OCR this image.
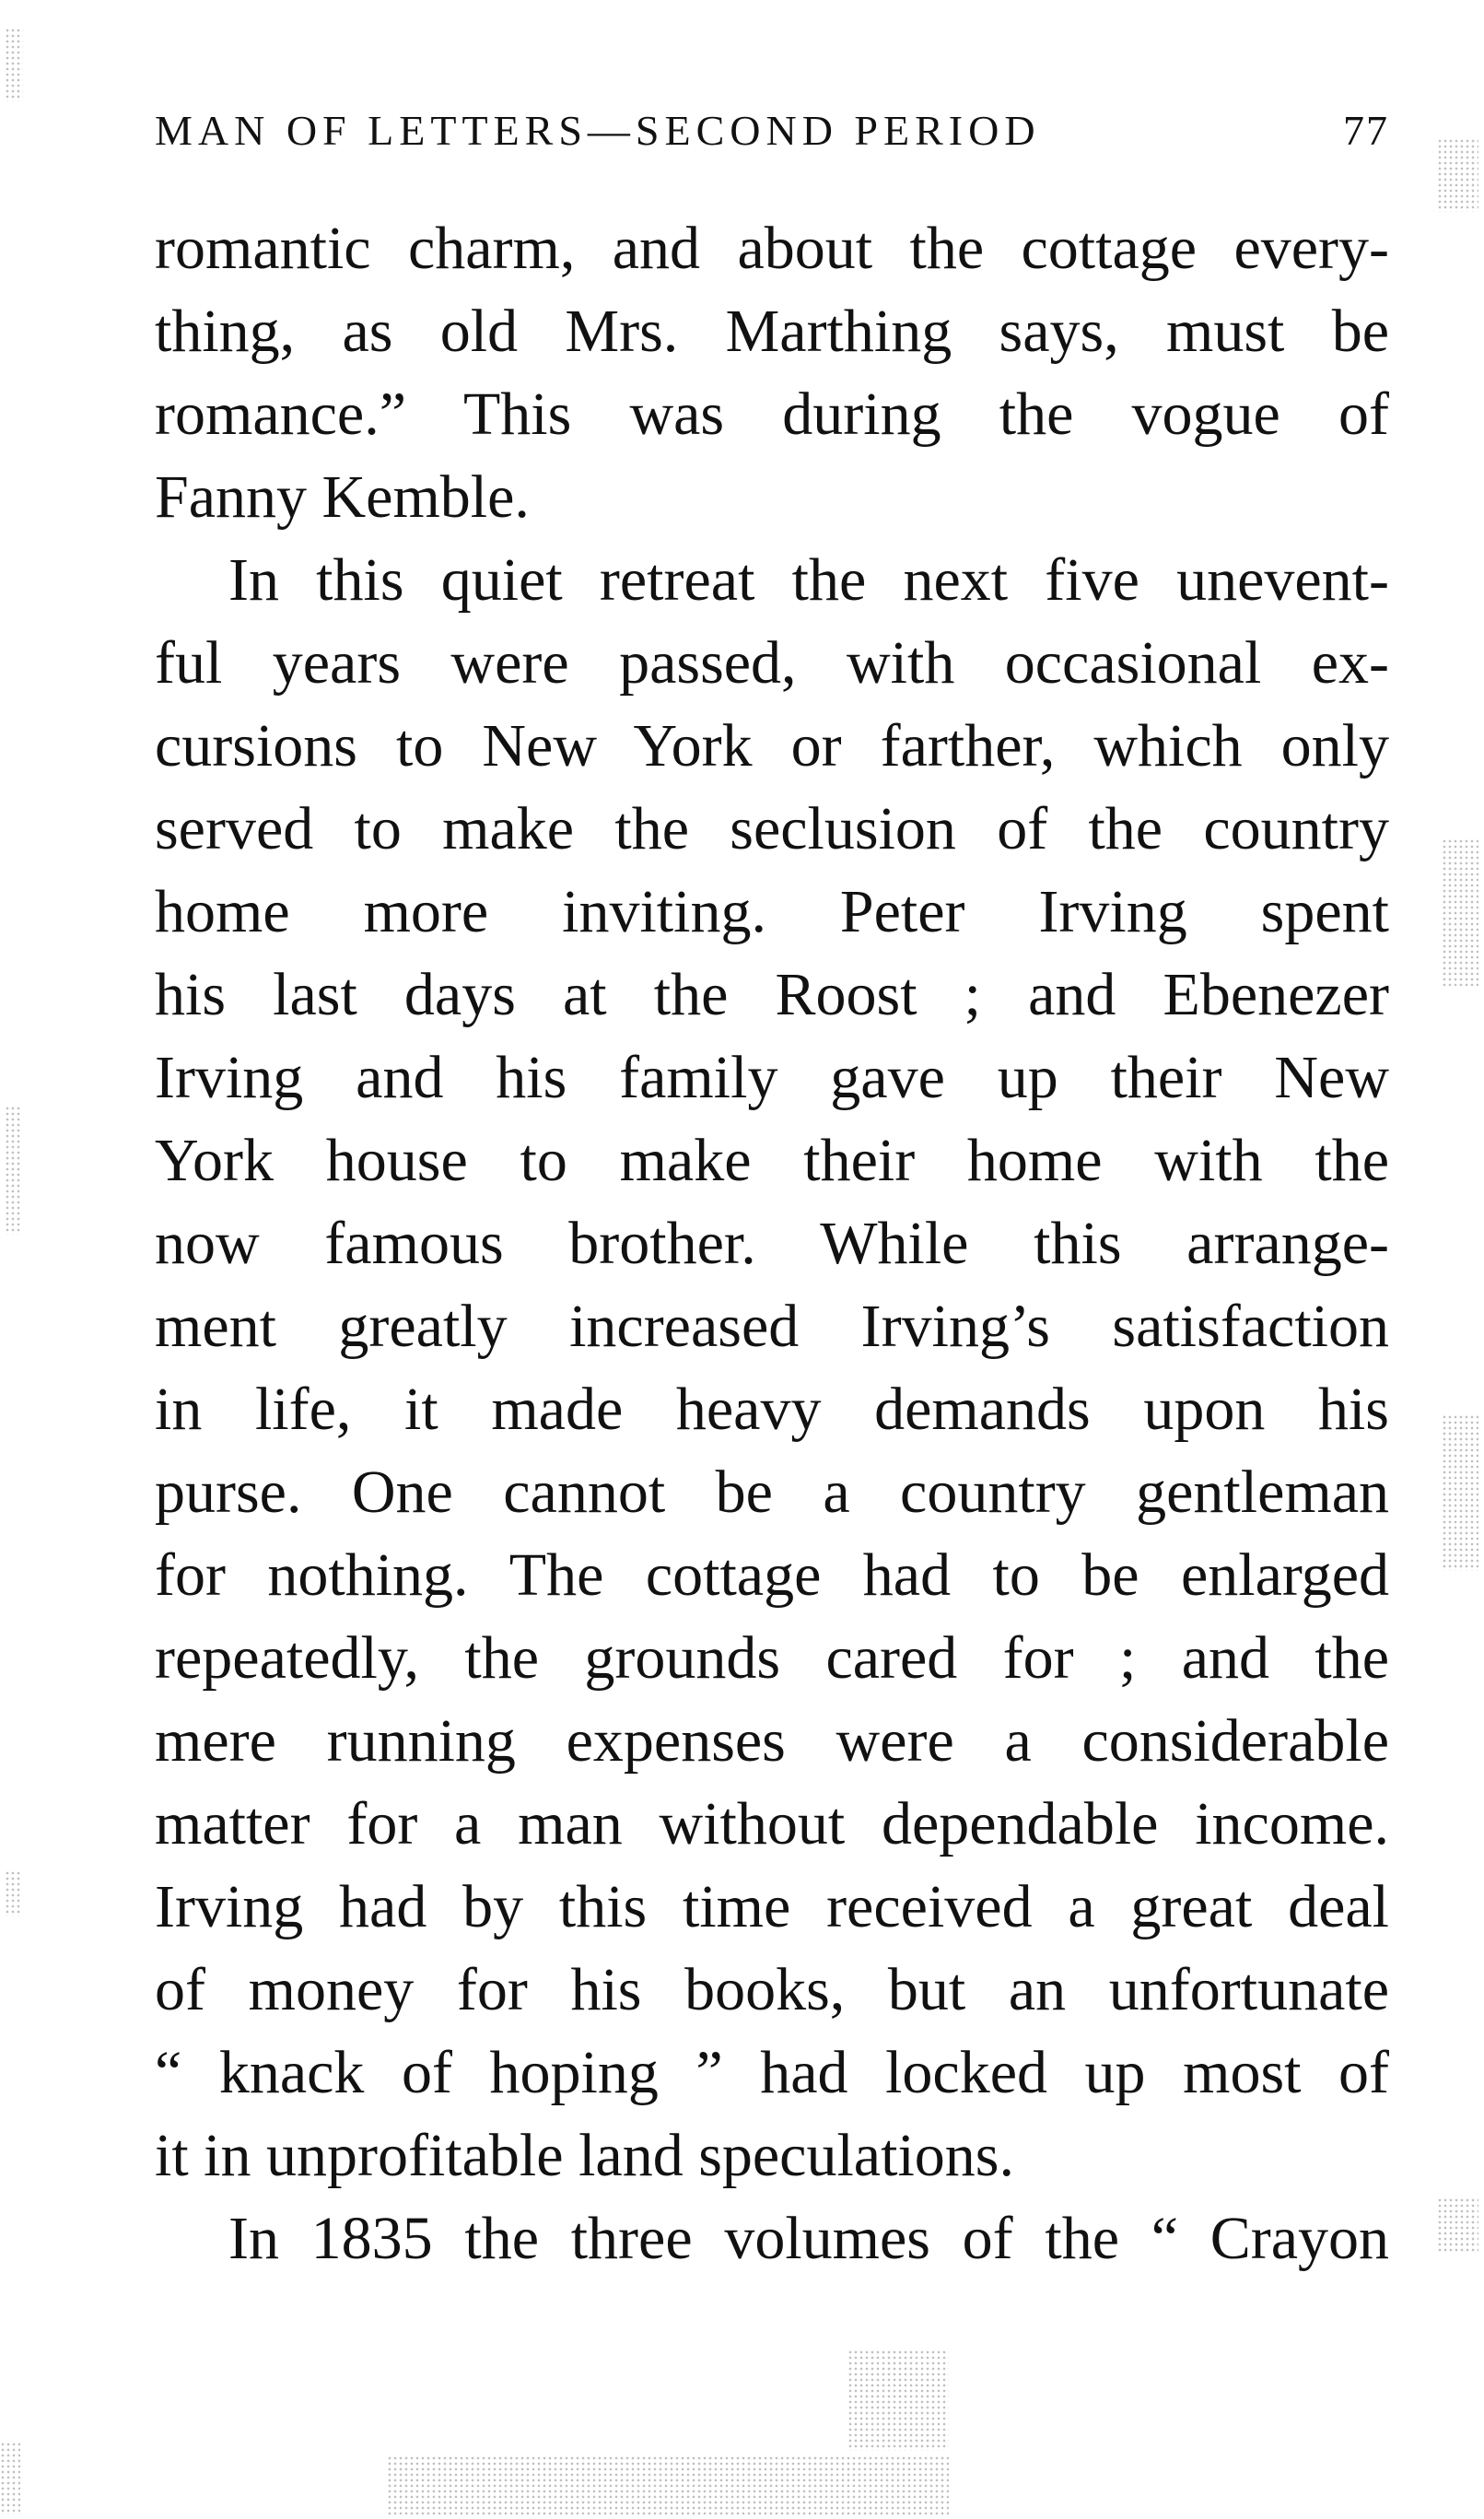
MAN OF LETTERS—SECOND PERIOD	77
romantic charm, and about the cottage every-
thing, as old Mrs. Marthing says, must be
romance.” This was during the vogue of
Fanny Kemble.
In this quiet retreat the next five unevent-
ful years were passed, with occasional ex-
cursions to New York or farther, which only
served to make the seclusion of the country
home more inviting. Peter Irving spent
his last days at the Roost ; and Ebenezer
Irving and his family gave up their New
York house to make their home with the
now famous brother. While this arrange-
ment greatly increased Irving’s satisfaction
in life, it made heavy demands upon his
purse. One cannot be a country gentleman
for nothing. The cottage had to be enlarged
repeatedly, the grounds cared for ; and the
mere running expenses were a considerable
matter for a man without dependable income.
Irving had by this time received a great deal
of money for his books, but an unfortunate
“ knack of hoping ” had locked up most of
it in unprofitable land speculations.
In 1835 the three volumes of the “ Crayon
